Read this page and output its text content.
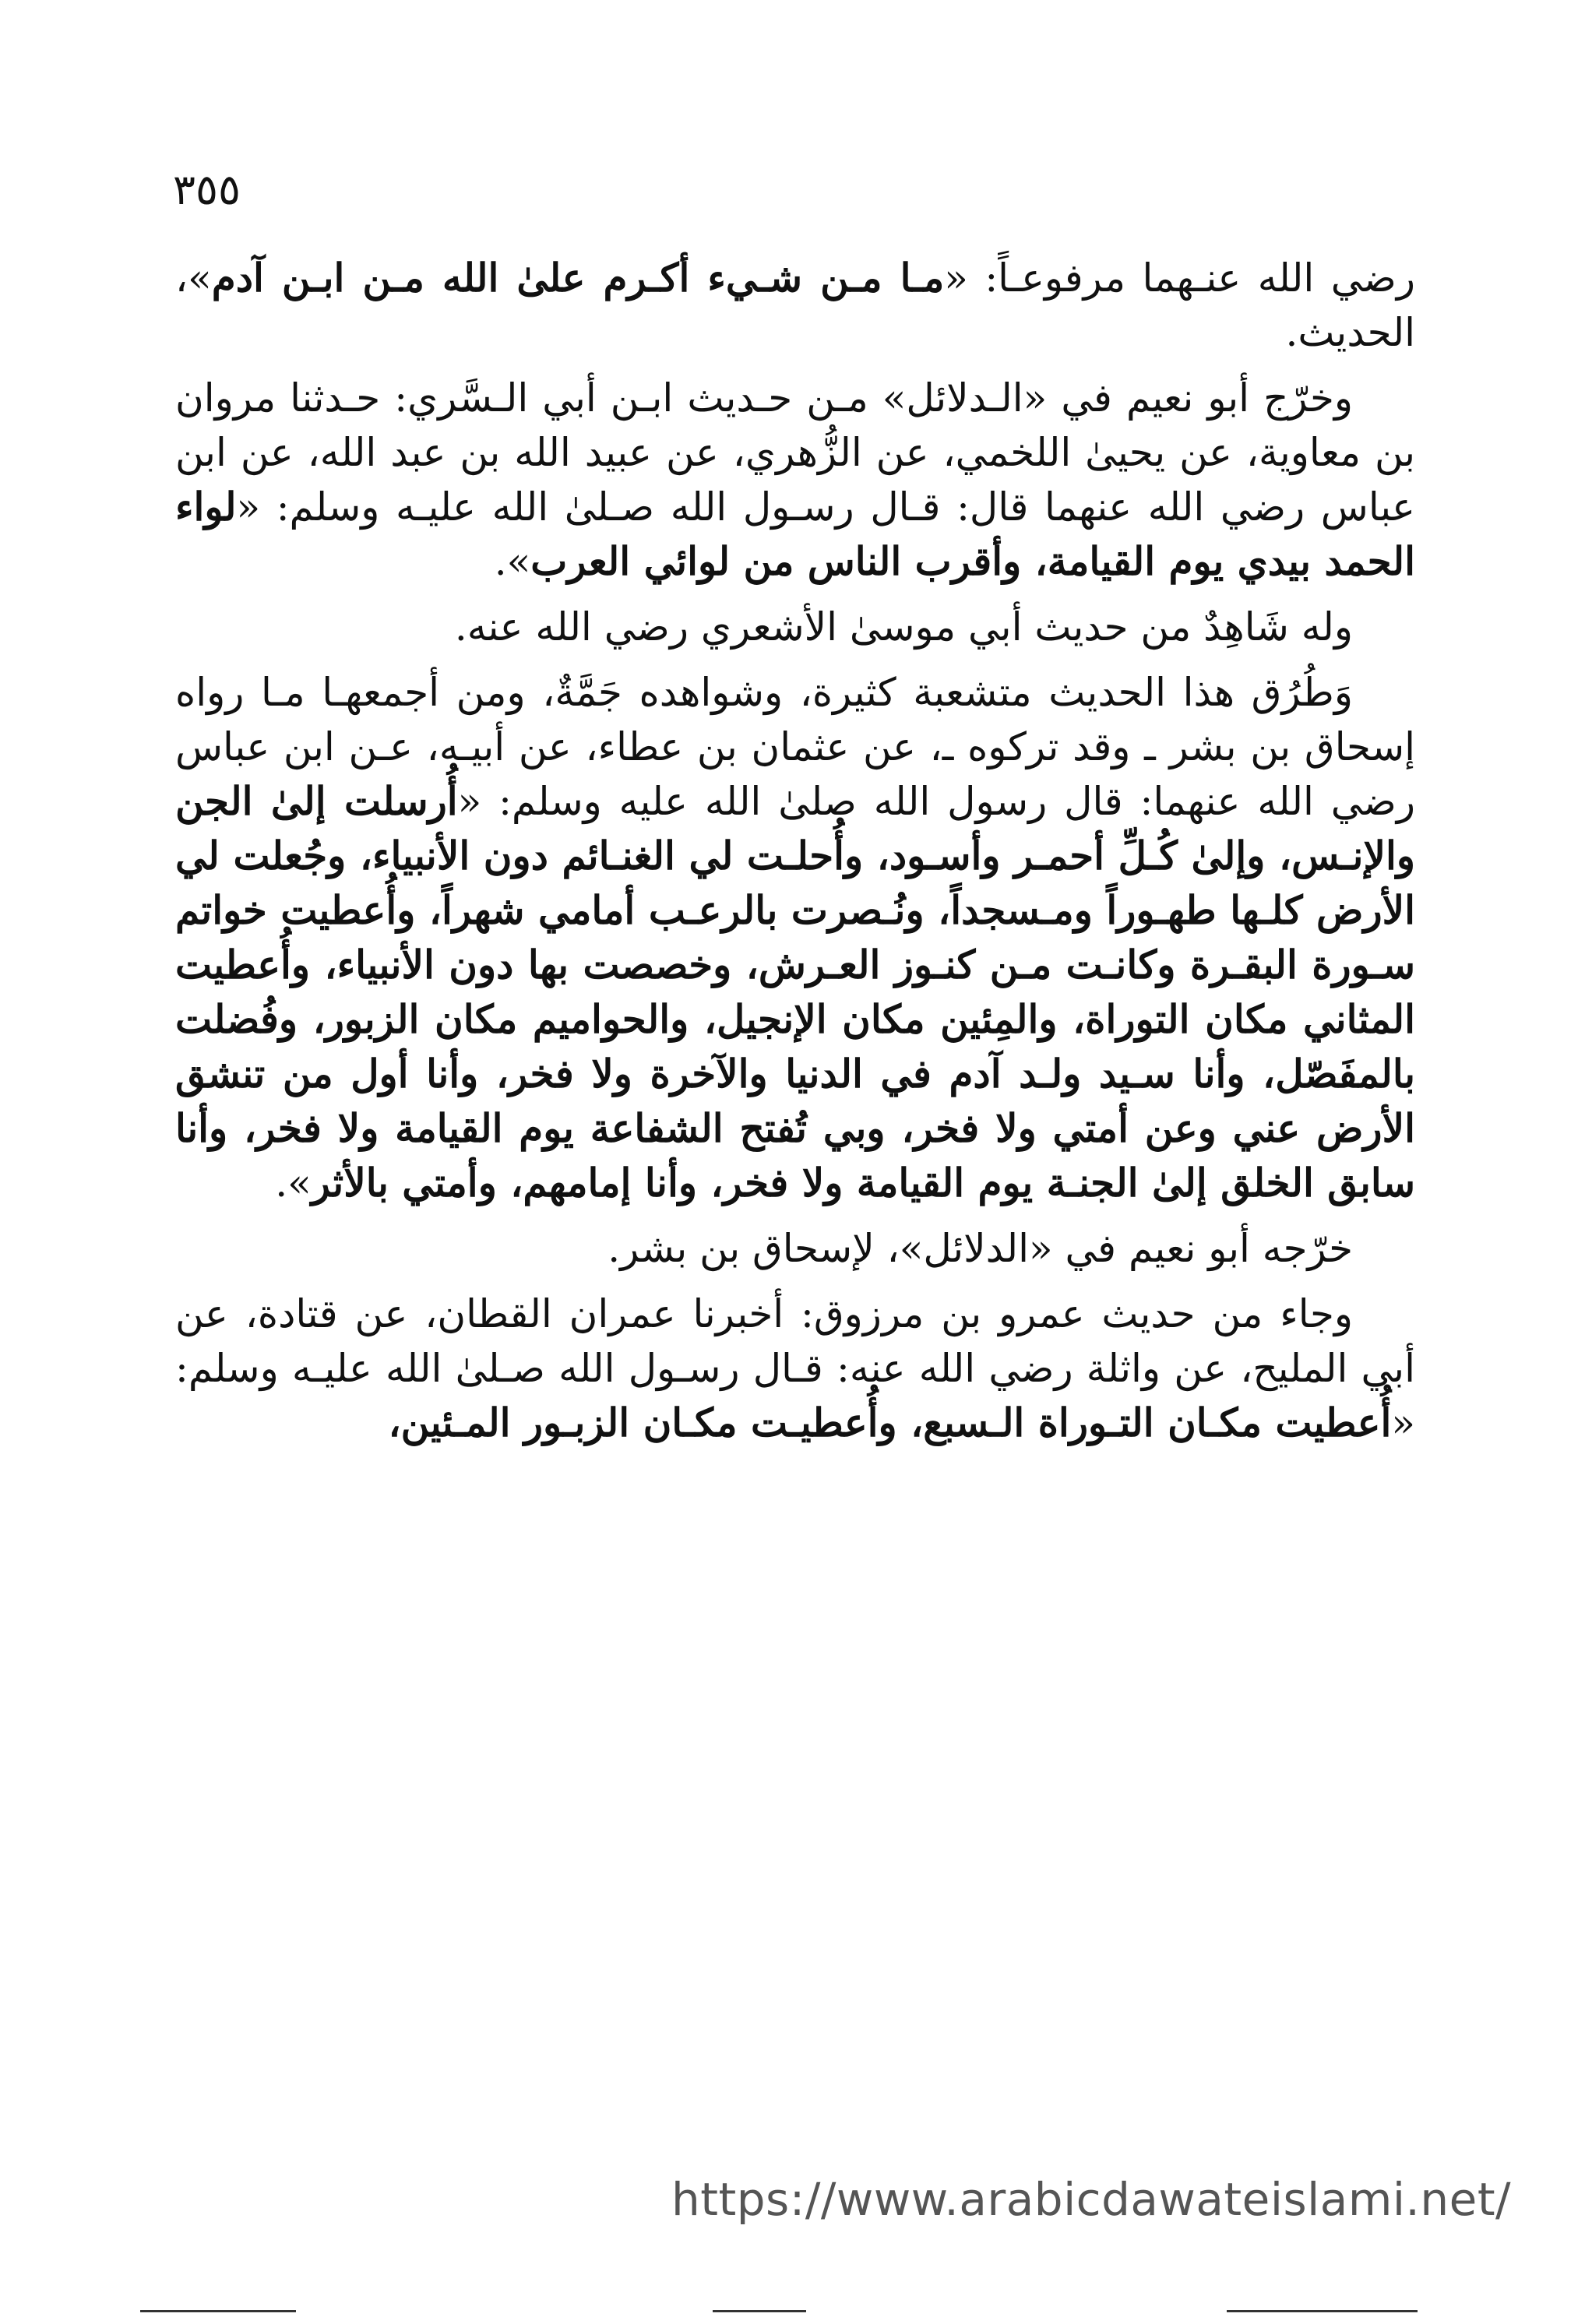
٣٥٥

رضي الله عنـهما مرفوعـاً: «مـا مـن شـيء أكـرم علىٰ الله مـن ابـن آدم»، الحديث.

وخرّج أبو نعيم في «الـدلائل» مـن حـديث ابـن أبي الـسَّري: حـدثنا مروان بن معاوية، عن يحيىٰ اللخمي، عن الزُّهري، عن عبيد الله بن عبد الله، عن ابن عباس رضي الله عنهما قال: قـال رسـول الله صـلىٰ الله عليـه وسلم: «لواء الحمد بيدي يوم القيامة، وأقرب الناس من لوائي العرب».

وله شَاهِدٌ من حديث أبي موسىٰ الأشعري رضي الله عنه.

وَطُرُق هذا الحديث متشعبة كثيرة، وشواهده جَمَّةٌ، ومن أجمعهـا مـا رواه إسحاق بن بشر ـ وقد تركوه ـ، عن عثمان بن عطاء، عن أبيـه، عـن ابن عباس رضي الله عنهما: قال رسول الله صلىٰ الله عليه وسلم: «أُرسلت إلىٰ الجن والإنـس، وإلىٰ كُـلِّ أحمـر وأسـود، وأُحلـت لي الغنـائم دون الأنبياء، وجُعلت لي الأرض كلـها طهـوراً ومـسجداً، ونُـصرت بالرعـب أمامي شهراً، وأُعطيت خواتم سـورة البقـرة وكانـت مـن كنـوز العـرش، وخصصت بها دون الأنبياء، وأُعطيت المثاني مكان التوراة، والمِئين مكان الإنجيل، والحواميم مكان الزبور، وفُضلت بالمفَصّل، وأنا سـيد ولـد آدم في الدنيا والآخرة ولا فخر، وأنا أول من تنشق الأرض عني وعن أمتي ولا فخر، وبي تُفتح الشفاعة يوم القيامة ولا فخر، وأنا سابق الخلق إلىٰ الجنـة يوم القيامة ولا فخر، وأنا إمامهم، وأمتي بالأثر».

خرّجه أبو نعيم في «الدلائل»، لإسحاق بن بشر.

وجاء من حديث عمرو بن مرزوق: أخبرنا عمران القطان، عن قتادة، عن أبي المليح، عن واثلة رضي الله عنه: قـال رسـول الله صـلىٰ الله عليـه وسلم: «أُعطيت مكـان التـوراة الـسبع، وأُعطيـت مكـان الزبـور المـئين،

https://www.arabicdawateislami.net/
